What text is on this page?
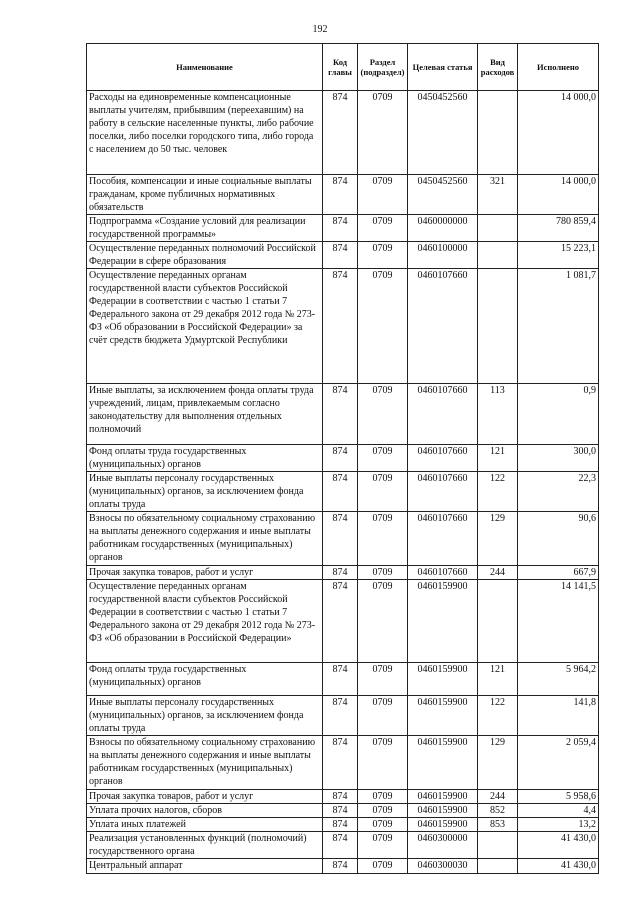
192
Наименование	Код главы	Раздел (подраздел)	Целевая статья	Вид расходов	Исполнено
Расходы на единовременные компенсационные выплаты учителям, прибывшим (переехавшим) на работу в сельские населенные пункты, либо рабочие поселки, либо поселки городского типа, либо города с населением до 50 тыс. человек	874	0709	0450452560		14 000,0
Пособия, компенсации и иные социальные выплаты гражданам, кроме публичных нормативных обязательств	874	0709	0450452560	321	14 000,0
Подпрограмма «Создание условий для реализации государственной программы»	874	0709	0460000000		780 859,4
Осуществление переданных полномочий Российской Федерации в сфере образования	874	0709	0460100000		15 223,1
Осуществление переданных органам государственной власти субъектов Российской Федерации в соответствии с частью 1 статьи 7 Федерального закона от 29 декабря 2012 года № 273-ФЗ «Об образовании в Российской Федерации» за счёт средств бюджета Удмуртской Республики	874	0709	0460107660		1 081,7
Иные выплаты, за исключением фонда оплаты труда учреждений, лицам, привлекаемым согласно законодательству для выполнения отдельных полномочий	874	0709	0460107660	113	0,9
Фонд оплаты труда государственных (муниципальных) органов	874	0709	0460107660	121	300,0
Иные выплаты персоналу государственных (муниципальных) органов, за исключением фонда оплаты труда	874	0709	0460107660	122	22,3
Взносы по обязательному социальному страхованию на выплаты денежного содержания и иные выплаты работникам государственных (муниципальных) органов	874	0709	0460107660	129	90,6
Прочая закупка товаров, работ и услуг	874	0709	0460107660	244	667,9
Осуществление переданных органам государственной власти субъектов Российской Федерации в соответствии с частью 1 статьи 7 Федерального закона от 29 декабря 2012 года № 273-ФЗ «Об образовании в Российской Федерации»	874	0709	0460159900		14 141,5
Фонд оплаты труда государственных (муниципальных) органов	874	0709	0460159900	121	5 964,2
Иные выплаты персоналу государственных (муниципальных) органов, за исключением фонда оплаты труда	874	0709	0460159900	122	141,8
Взносы по обязательному социальному страхованию на выплаты денежного содержания и иные выплаты работникам государственных (муниципальных) органов	874	0709	0460159900	129	2 059,4
Прочая закупка товаров, работ и услуг	874	0709	0460159900	244	5 958,6
Уплата прочих налогов, сборов	874	0709	0460159900	852	4,4
Уплата иных платежей	874	0709	0460159900	853	13,2
Реализация установленных функций (полномочий) государственного органа	874	0709	0460300000		41 430,0
Центральный аппарат	874	0709	0460300030		41 430,0
